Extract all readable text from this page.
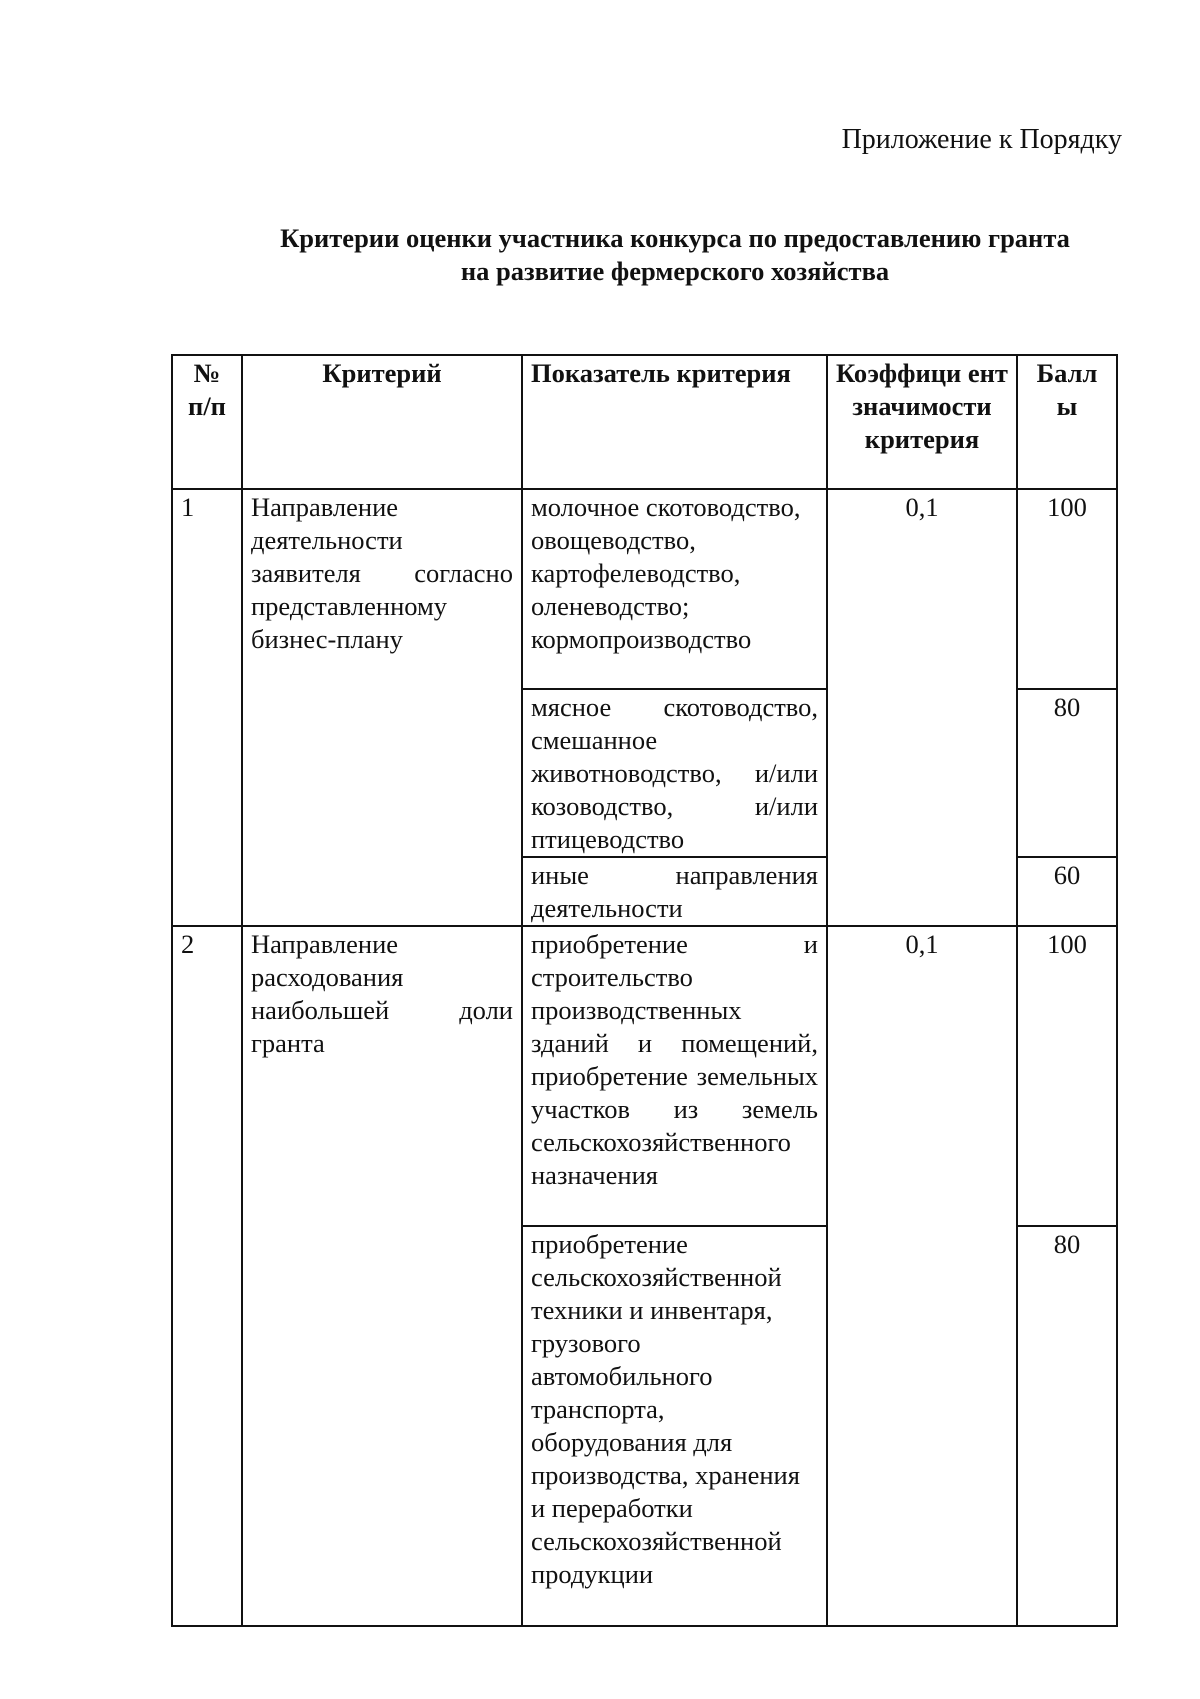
Приложение к Порядку
Критерии оценки участника конкурса по предоставлению гранта
на развитие фермерского хозяйства
№ п/п	Критерий	Показатель критерия	Коэффици ент значимости критерия	Балл ы
1	Направление деятельности заявителя согласно представленному бизнес-плану	молочное скотоводство, овощеводство, картофелеводство, оленеводство; кормопроизводство	0,1	100
		мясное скотоводство, смешанное животноводство, и/или козоводство, и/или птицеводство		80
		иные направления деятельности		60
2	Направление расходования наибольшей доли гранта	приобретение и строительство производственных зданий и помещений, приобретение земельных участков из земель сельскохозяйственного назначения	0,1	100
		приобретение сельскохозяйственной техники и инвентаря, грузового автомобильного транспорта, оборудования для производства, хранения и переработки сельскохозяйственной продукции		80
